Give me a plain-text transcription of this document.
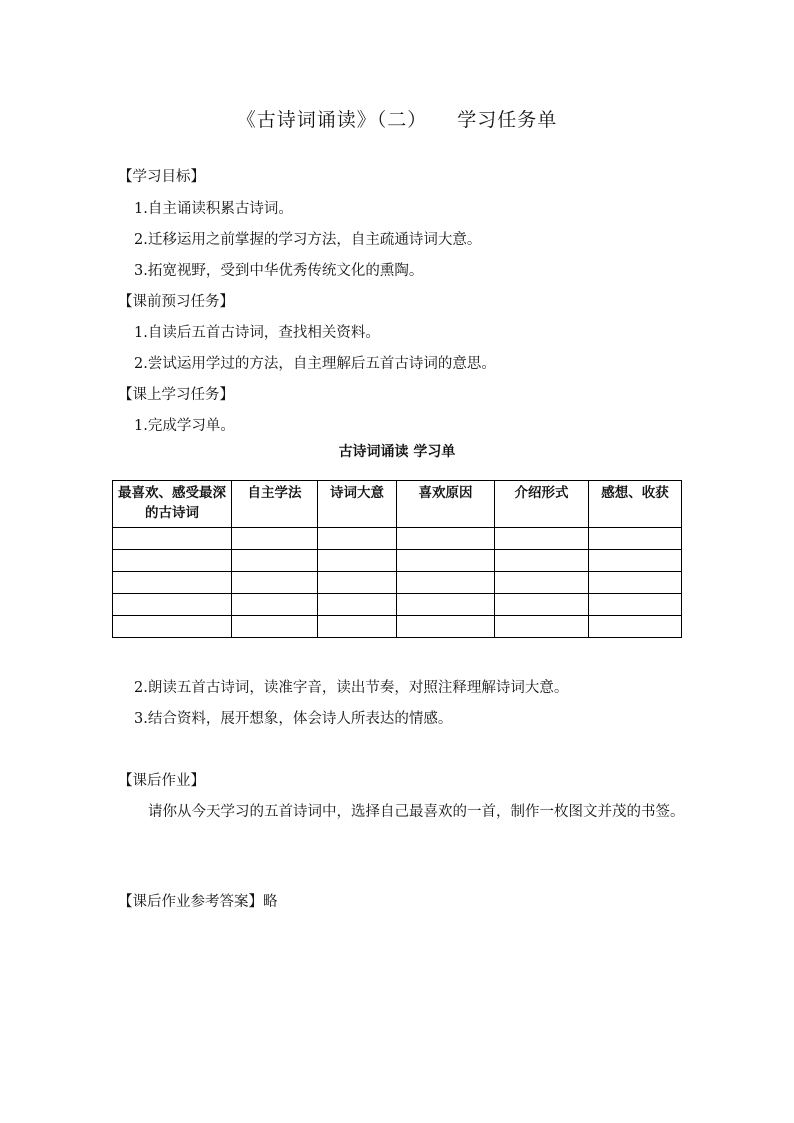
《古诗词诵读》（二） 学习任务单
【学习目标】
1.自主诵读积累古诗词。
2.迁移运用之前掌握的学习方法，自主疏通诗词大意。
3.拓宽视野，受到中华优秀传统文化的熏陶。
【课前预习任务】
1.自读后五首古诗词，查找相关资料。
2.尝试运用学过的方法，自主理解后五首古诗词的意思。
【课上学习任务】
1.完成学习单。
古诗词诵读 学习单
最喜欢、感受最深的古诗词	自主学法	诗词大意	喜欢原因	介绍形式	感想、收获

2.朗读五首古诗词，读准字音，读出节奏，对照注释理解诗词大意。
3.结合资料，展开想象，体会诗人所表达的情感。
【课后作业】
请你从今天学习的五首诗词中，选择自己最喜欢的一首，制作一枚图文并茂的书签。
【课后作业参考答案】略
